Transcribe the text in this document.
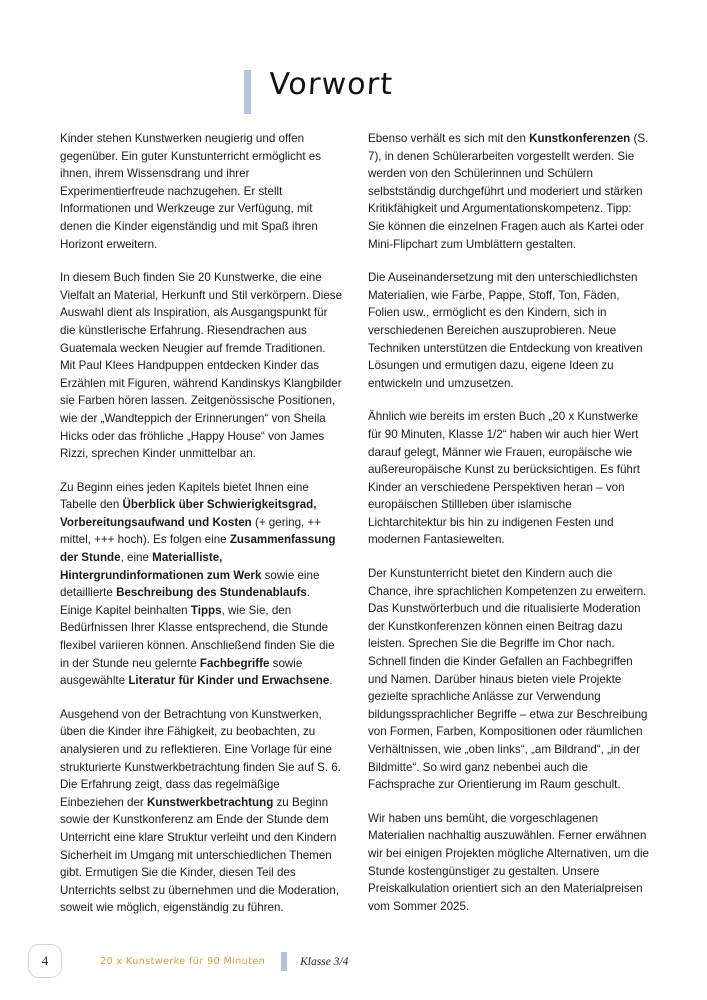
Vorwort

Kinder stehen Kunstwerken neugierig und offen gegenüber. Ein guter Kunstunterricht ermöglicht es ihnen, ihrem Wissensdrang und ihrer Experimentierfreude nachzugehen. Er stellt Informationen und Werkzeuge zur Verfügung, mit denen die Kinder eigenständig und mit Spaß ihren Horizont erweitern.

In diesem Buch finden Sie 20 Kunstwerke, die eine Vielfalt an Material, Herkunft und Stil verkörpern. Diese Auswahl dient als Inspiration, als Ausgangspunkt für die künstlerische Erfahrung. Riesendrachen aus Guatemala wecken Neugier auf fremde Traditionen. Mit Paul Klees Handpuppen entdecken Kinder das Erzählen mit Figuren, während Kandinskys Klangbilder sie Farben hören lassen. Zeitgenössische Positionen, wie der „Wandteppich der Erinnerungen“ von Sheila Hicks oder das fröhliche „Happy House“ von James Rizzi, sprechen Kinder unmittelbar an.

Zu Beginn eines jeden Kapitels bietet Ihnen eine Tabelle den Überblick über Schwierigkeitsgrad, Vorbereitungsaufwand und Kosten (+ gering, ++ mittel, +++ hoch). Es folgen eine Zusammenfassung der Stunde, eine Materialliste, Hintergrundinformationen zum Werk sowie eine detaillierte Beschreibung des Stundenablaufs. Einige Kapitel beinhalten Tipps, wie Sie, den Bedürfnissen Ihrer Klasse entsprechend, die Stunde flexibel variieren können. Anschließend finden Sie die in der Stunde neu gelernte Fachbegriffe sowie ausgewählte Literatur für Kinder und Erwachsene.

Ausgehend von der Betrachtung von Kunstwerken, üben die Kinder ihre Fähigkeit, zu beobachten, zu analysieren und zu reflektieren. Eine Vorlage für eine strukturierte Kunstwerkbetrachtung finden Sie auf S. 6. Die Erfahrung zeigt, dass das regelmäßige Einbeziehen der Kunstwerkbetrachtung zu Beginn sowie der Kunstkonferenz am Ende der Stunde dem Unterricht eine klare Struktur verleiht und den Kindern Sicherheit im Umgang mit unterschiedlichen Themen gibt. Ermutigen Sie die Kinder, diesen Teil des Unterrichts selbst zu übernehmen und die Moderation, soweit wie möglich, eigenständig zu führen.

Ebenso verhält es sich mit den Kunstkonferenzen (S. 7), in denen Schülerarbeiten vorgestellt werden. Sie werden von den Schülerinnen und Schülern selbstständig durchgeführt und moderiert und stärken Kritikfähigkeit und Argumentationskompetenz. Tipp: Sie können die einzelnen Fragen auch als Kartei oder Mini-Flipchart zum Umblättern gestalten.

Die Auseinandersetzung mit den unterschiedlichsten Materialien, wie Farbe, Pappe, Stoff, Ton, Fäden, Folien usw., ermöglicht es den Kindern, sich in verschiedenen Bereichen auszuprobieren. Neue Techniken unterstützen die Entdeckung von kreativen Lösungen und ermutigen dazu, eigene Ideen zu entwickeln und umzusetzen.

Ähnlich wie bereits im ersten Buch „20 x Kunstwerke für 90 Minuten, Klasse 1/2“ haben wir auch hier Wert darauf gelegt, Männer wie Frauen, europäische wie außereuropäische Kunst zu berücksichtigen. Es führt Kinder an verschiedene Perspektiven heran – von europäischen Stillleben über islamische Lichtarchitektur bis hin zu indigenen Festen und modernen Fantasiewelten.

Der Kunstunterricht bietet den Kindern auch die Chance, ihre sprachlichen Kompetenzen zu erweitern. Das Kunstwörterbuch und die ritualisierte Moderation der Kunstkonferenzen können einen Beitrag dazu leisten. Sprechen Sie die Begriffe im Chor nach. Schnell finden die Kinder Gefallen an Fachbegriffen und Namen. Darüber hinaus bieten viele Projekte gezielte sprachliche Anlässe zur Verwendung bildungssprachlicher Begriffe – etwa zur Beschreibung von Formen, Farben, Kompositionen oder räumlichen Verhältnissen, wie „oben links“, „am Bildrand“, „in der Bildmitte“. So wird ganz nebenbei auch die Fachsprache zur Orientierung im Raum geschult.

Wir haben uns bemüht, die vorgeschlagenen Materialien nachhaltig auszuwählen. Ferner erwähnen wir bei einigen Projekten mögliche Alternativen, um die Stunde kostengünstiger zu gestalten. Unsere Preiskalkulation orientiert sich an den Materialpreisen vom Sommer 2025.

4	20 x Kunstwerke für 90 Minuten	Klasse 3/4
